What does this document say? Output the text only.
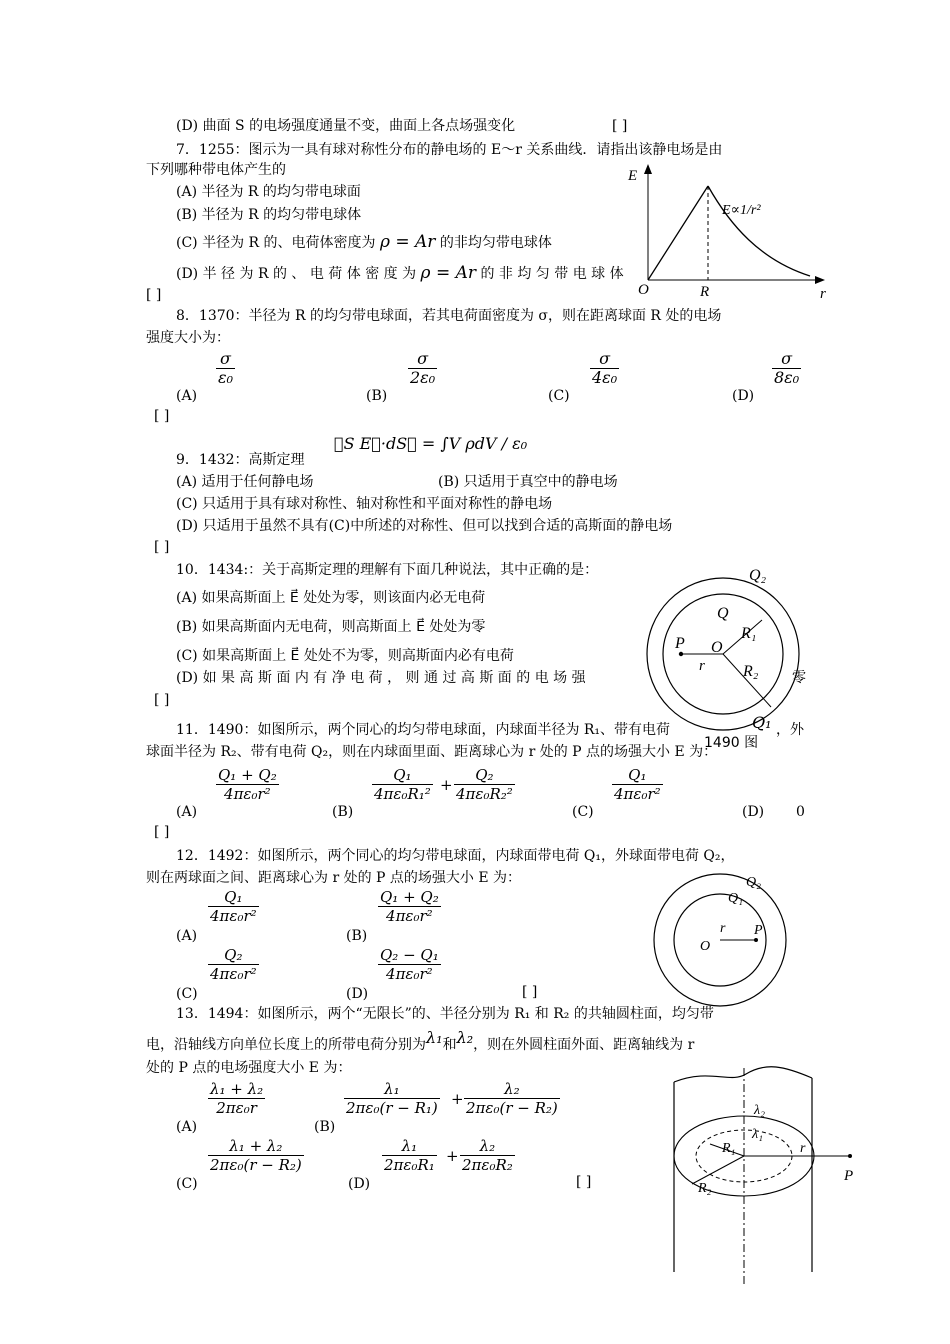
(D) 曲面 S 的电场强度通量不变，曲面上各点场强变化	[ ]
7．1255：图示为一具有球对称性分布的静电场的 E～r 关系曲线．请指出该静电场是由
下列哪种带电体产生的
(A) 半径为 R 的均匀带电球面
(B) 半径为 R 的均匀带电球体
(C) 半径为 R 的、电荷体密度为 ρ = Ar 的非均匀带电球体
(D) 半 径 为 R 的 、 电 荷 体 密 度 为 ρ = Ar 的 非 均 匀 带 电 球 体
[ ]
E
r
O	R
E∝1/r²
8．1370：半径为 R 的均匀带电球面，若其电荷面密度为 σ，则在距离球面 R 处的电场
强度大小为：
(A)
$\frac{\sigma}{\text{ε₀}}$
(B)
$\frac{\sigma}{\text{2ε₀}}$
(C)
$\frac{\sigma}{\text{4ε₀}}$
(D)
$\frac{\sigma}{\text{8ε₀}}$
[ ]
9．1432：高斯定理
∮S E⃗·dS⃗ = ∫V ρdV / ε₀
(A) 适用于任何静电场	(B) 只适用于真空中的静电场
(C) 只适用于具有球对称性、轴对称性和平面对称性的静电场
(D) 只适用于虽然不具有(C)中所述的对称性、但可以找到合适的高斯面的静电场
[ ]
10．1434:：关于高斯定理的理解有下面几种说法，其中正确的是：
(A) 如果高斯面上 E⃗ 处处为零，则该面内必无电荷
(B) 如果高斯面内无电荷，则高斯面上 E⃗ 处处为零
(C) 如果高斯面上 E⃗ 处处不为零，则高斯面内必有电荷
(D) 如 果 高 斯 面 内 有 净 电 荷 ， 则 通 过 高 斯 面 的 电 场 强	零
[ ]
Q₂
Q
R₁
P O
r R₂
11．1490：如图所示，两个同心的均匀带电球面，内球面半径为 R₁、带有电荷	Q₁ ，外
1490 图
球面半径为 R₂、带有电荷 Q₂，则在内球面里面、距离球心为 r 处的 P 点的场强大小 E 为：
(A)
$\frac{\text{Q₁ + Q₂}}{\text{4πε₀r²}}$
(B)
$\frac{\text{Q₁}}{\text{4πε₀R₁²}} + \frac{\text{Q₂}}{\text{4πε₀R₂²}}$
(C)
$\frac{\text{Q₁}}{\text{4πε₀r²}}$
(D) 0
[ ]
12．1492：如图所示，两个同心的均匀带电球面，内球面带电荷 Q₁，外球面带电荷 Q₂，
则在两球面之间、距离球心为 r 处的 P 点的场强大小 E 为：
(A)
$\frac{\text{Q₁}}{\text{4πε₀r²}}$
(B)
$\frac{\text{Q₁ + Q₂}}{\text{4πε₀r²}}$
(C)
$\frac{\text{Q₂}}{\text{4πε₀r²}}$
(D)
$\frac{\text{Q₂ − Q₁}}{\text{4πε₀r²}}$
[ ]
Q₂
Q₁
r P
O
13．1494：如图所示，两个“无限长”的、半径分别为 R₁ 和 R₂ 的共轴圆柱面，均匀带
电，沿轴线方向单位长度上的所带电荷分别为λ₁和λ₂，则在外圆柱面外面、距离轴线为 r
处的 P 点的电场强度大小 E 为：
(A)
$\frac{\text{λ₁ + λ₂}}{\text{2πε₀r}}$
(B)
$\frac{\text{λ₁}}{\text{2πε₀(r − R₁)}} + \frac{\text{λ₂}}{\text{2πε₀(r − R₂)}}$
(C)
$\frac{\text{λ₁ + λ₂}}{\text{2πε₀(r − R₂)}}$
(D)
$\frac{\text{λ₁}}{\text{2πε₀R₁}} + \frac{\text{λ₂}}{\text{2πε₀R₂}}$
[ ]
λ₂
λ₁
R₁
R₂
r
P
